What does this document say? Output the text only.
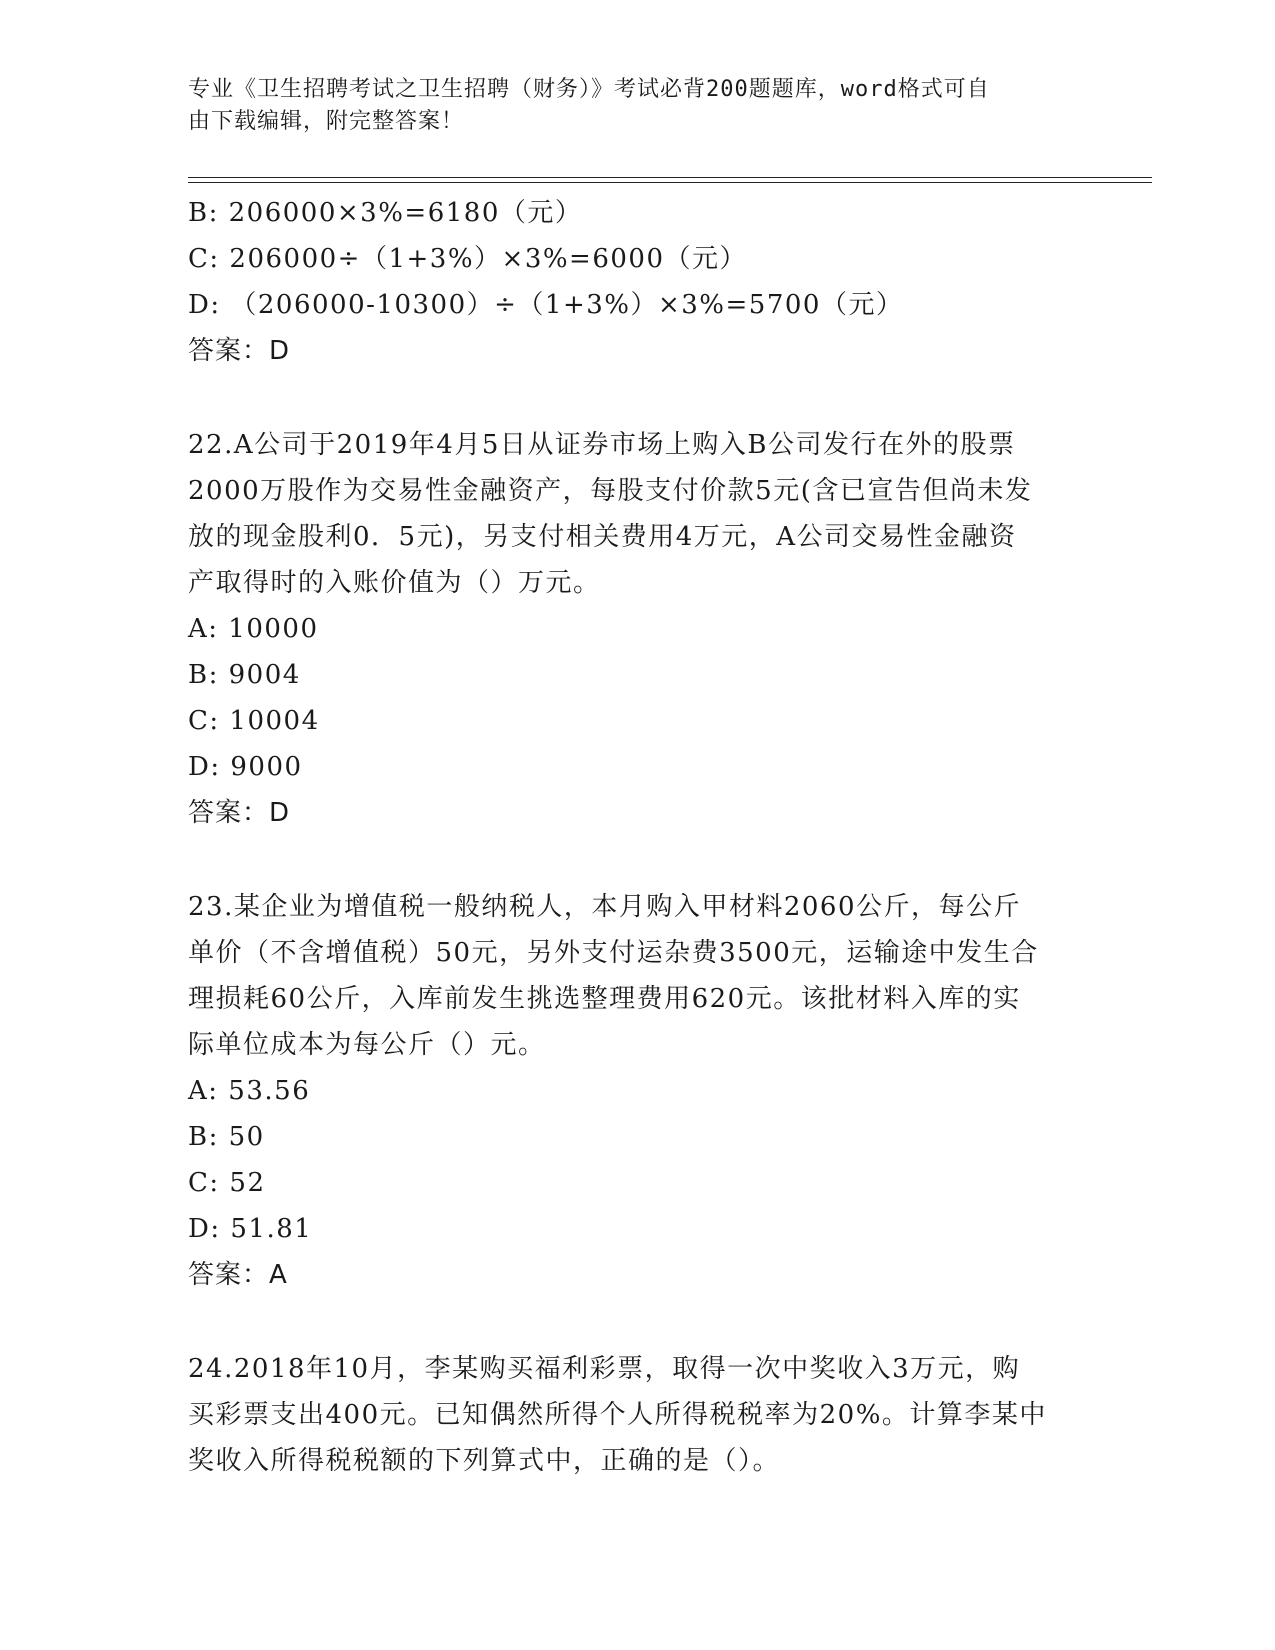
专业《卫生招聘考试之卫生招聘（财务）》考试必背200题题库，word格式可自
由下载编辑，附完整答案！
B: 206000×3%=6180（元）
C: 206000÷（1+3%）×3%=6000（元）
D: （206000-10300）÷（1+3%）×3%=5700（元）
答案：D
22.A公司于2019年4月5日从证券市场上购入B公司发行在外的股票
2000万股作为交易性金融资产，每股支付价款5元(含已宣告但尚未发
放的现金股利0．5元)，另支付相关费用4万元，A公司交易性金融资
产取得时的入账价值为（）万元。
A: 10000
B: 9004
C: 10004
D: 9000
答案：D
23.某企业为增值税一般纳税人，本月购入甲材料2060公斤，每公斤
单价（不含增值税）50元，另外支付运杂费3500元，运输途中发生合
理损耗60公斤，入库前发生挑选整理费用620元。该批材料入库的实
际单位成本为每公斤（）元。
A: 53.56
B: 50
C: 52
D: 51.81
答案：A
24.2018年10月，李某购买福利彩票，取得一次中奖收入3万元，购
买彩票支出400元。已知偶然所得个人所得税税率为20%。计算李某中
奖收入所得税税额的下列算式中，正确的是（）。
